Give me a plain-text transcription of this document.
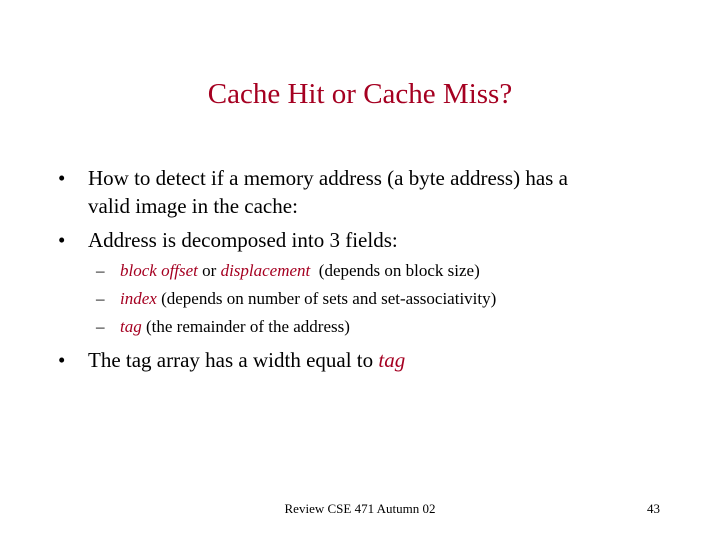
Cache Hit or Cache Miss?
• How to detect if a memory address (a byte address) has a
valid image in the cache:
• Address is decomposed into 3 fields:
– block offset or displacement  (depends on block size)
– index (depends on number of sets and set-associativity)
– tag (the remainder of the address)
• The tag array has a width equal to tag
Review CSE 471 Autumn 02	43
